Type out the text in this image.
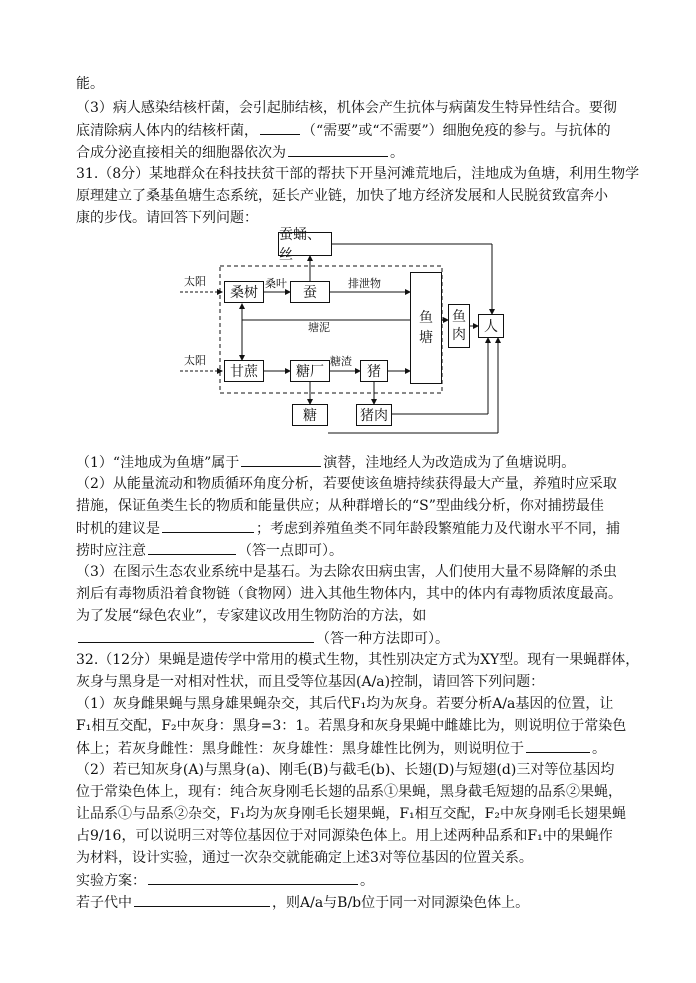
能。
（3）病人感染结核杆菌，会引起肺结核，机体会产生抗体与病菌发生特异性结合。要彻
底清除病人体内的结核杆菌，	（“需要”或“不需要”）细胞免疫的参与。与抗体的
合成分泌直接相关的细胞器依次为	。
31.（8分）某地群众在科技扶贫干部的帮扶下开垦河滩荒地后，洼地成为鱼塘，利用生物学
原理建立了桑基鱼塘生态系统，延长产业链，加快了地方经济发展和人民脱贫致富奔小
康的步伐。请回答下列问题：
蚕蛹、丝
太阳
桑树
桑叶
蚕
排泄物
鱼塘
鱼肉	人
塘泥
太阳
甘蔗	糖厂
糖渣
猪
糖	猪肉
（1）“洼地成为鱼塘”属于	演替，洼地经人为改造成为了鱼塘说明。
（2）从能量流动和物质循环角度分析，若要使该鱼塘持续获得最大产量，养殖时应采取
措施，保证鱼类生长的物质和能量供应；从种群增长的“S”型曲线分析，你对捕捞最佳
时机的建议是	；考虑到养殖鱼类不同年龄段繁殖能力及代谢水平不同，捕
捞时应注意	（答一点即可）。
（3）在图示生态农业系统中是基石。为去除农田病虫害，人们使用大量不易降解的杀虫
剂后有毒物质沿着食物链（食物网）进入其他生物体内，其中的体内有毒物质浓度最高。
为了发展“绿色农业”，专家建议改用生物防治的方法，如
（答一种方法即可）。
32.（12分）果蝇是遗传学中常用的模式生物，其性别决定方式为XY型。现有一果蝇群体，
灰身与黑身是一对相对性状，而且受等位基因(A/a)控制，请回答下列问题：
（1）灰身雌果蝇与黑身雄果蝇杂交，其后代F₁均为灰身。若要分析A/a基因的位置，让
F₁相互交配，F₂中灰身：黑身=3：1。若黑身和灰身果蝇中雌雄比为，则说明位于常染色
体上；若灰身雌性：黑身雌性：灰身雄性：黑身雄性比例为，则说明位于	。
（2）若已知灰身(A)与黑身(a)、刚毛(B)与截毛(b)、长翅(D)与短翅(d)三对等位基因均
位于常染色体上，现有：纯合灰身刚毛长翅的品系①果蝇，黑身截毛短翅的品系②果蝇，
让品系①与品系②杂交，F₁均为灰身刚毛长翅果蝇，F₁相互交配，F₂中灰身刚毛长翅果蝇
占9/16，可以说明三对等位基因位于对同源染色体上。用上述两种品系和F₁中的果蝇作
为材料，设计实验，通过一次杂交就能确定上述3对等位基因的位置关系。
实验方案：	。
若子代中	，则A/a与B/b位于同一对同源染色体上。
